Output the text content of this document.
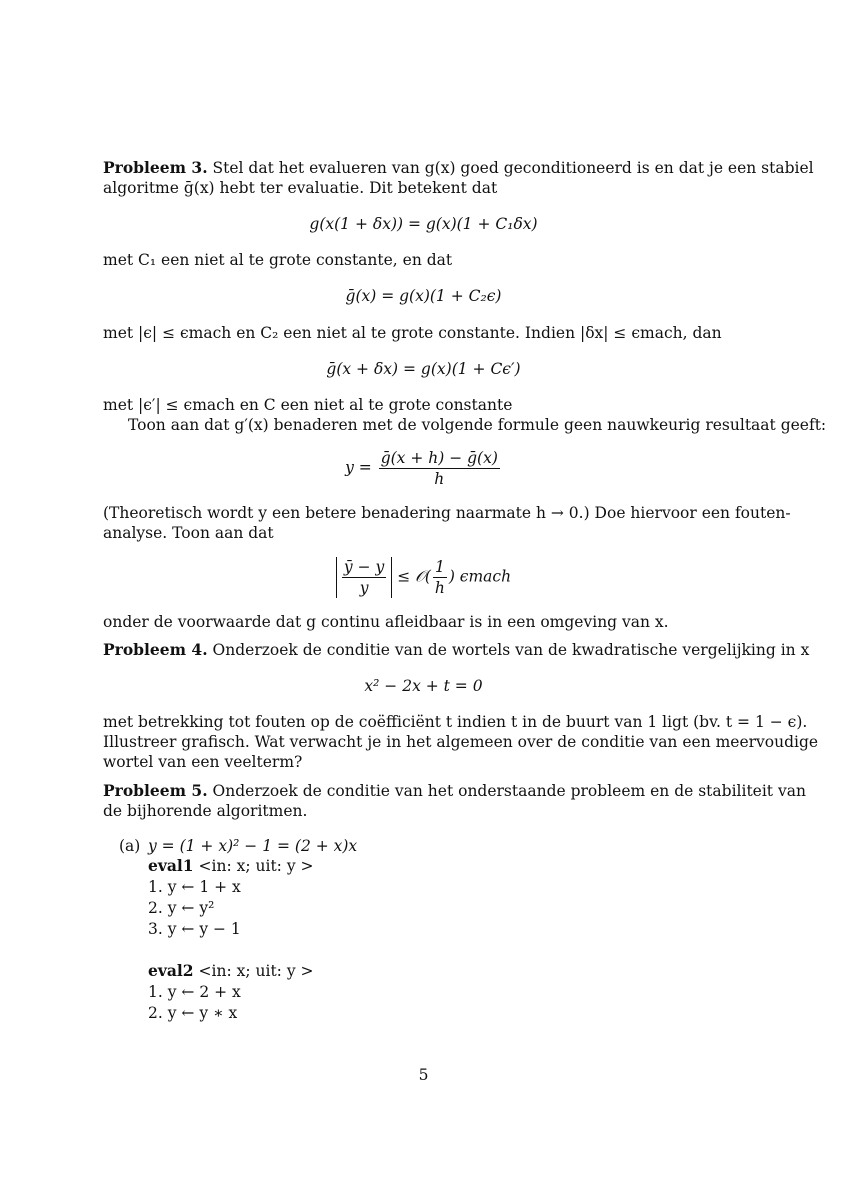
Probleem 3. Stel dat het evalueren van g(x) goed geconditioneerd is en dat je een stabiel
algoritme ḡ(x) hebt ter evaluatie. Dit betekent dat
g(x(1 + δx)) = g(x)(1 + C₁δx)
met C₁ een niet al te grote constante, en dat
ḡ(x) = g(x)(1 + C₂ϵ)
met |ϵ| ≤ ϵmach en C₂ een niet al te grote constante. Indien |δx| ≤ ϵmach, dan
ḡ(x + δx) = g(x)(1 + Cϵ′)
met |ϵ′| ≤ ϵmach en C een niet al te grote constante
Toon aan dat g′(x) benaderen met de volgende formule geen nauwkeurig resultaat geeft:
$y = \frac{\text{ḡ(x + h) − ḡ(x)}}{h}$
(Theoretisch wordt y een betere benadering naarmate h → 0.) Doe hiervoor een fouten-
analyse. Toon aan dat
$\frac{ȳ - y}{y}$ ≤ 𝒪( $\frac{1}{h}$ ) ϵmach
onder de voorwaarde dat g continu afleidbaar is in een omgeving van x.
Probleem 4. Onderzoek de conditie van de wortels van de kwadratische vergelijking in x
x² − 2x + t = 0
met betrekking tot fouten op de coëfficiënt t indien t in de buurt van 1 ligt (bv. t = 1 − ϵ).
Illustreer grafisch. Wat verwacht je in het algemeen over de conditie van een meervoudige
wortel van een veelterm?
Probleem 5. Onderzoek de conditie van het onderstaande probleem en de stabiliteit van
de bijhorende algoritmen.
(a) y = (1 + x)² − 1 = (2 + x)x
eval1 <in: x; uit: y >
1. y ← 1 + x
2. y ← y²
3. y ← y − 1
eval2 <in: x; uit: y >
1. y ← 2 + x
2. y ← y ∗ x
5
